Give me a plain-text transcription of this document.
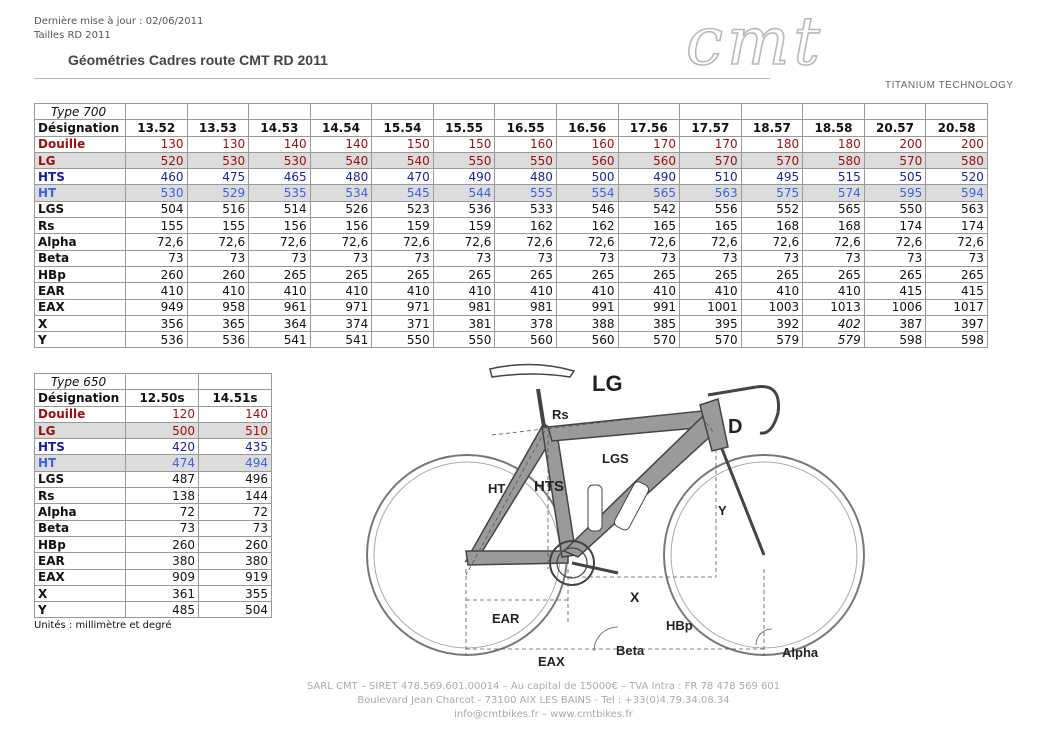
Dernière mise à jour : 02/06/2011
Tailles RD 2011
Géométries Cadres route CMT RD 2011	cmt
TITANIUM TECHNOLOGY
Type 700														
Désignation	13.52	13.53	14.53	14.54	15.54	15.55	16.55	16.56	17.56	17.57	18.57	18.58	20.57	20.58
Douille	130	130	140	140	150	150	160	160	170	170	180	180	200	200
LG	520	530	530	540	540	550	550	560	560	570	570	580	570	580
HTS	460	475	465	480	470	490	480	500	490	510	495	515	505	520
HT	530	529	535	534	545	544	555	554	565	563	575	574	595	594
LGS	504	516	514	526	523	536	533	546	542	556	552	565	550	563
Rs	155	155	156	156	159	159	162	162	165	165	168	168	174	174
Alpha	72,6	72,6	72,6	72,6	72,6	72,6	72,6	72,6	72,6	72,6	72,6	72,6	72,6	72,6
Beta	73	73	73	73	73	73	73	73	73	73	73	73	73	73
HBp	260	260	265	265	265	265	265	265	265	265	265	265	265	265
EAR	410	410	410	410	410	410	410	410	410	410	410	410	415	415
EAX	949	958	961	971	971	981	981	991	991	1001	1003	1013	1006	1017
X	356	365	364	374	371	381	378	388	385	395	392	402	387	397
Y	536	536	541	541	550	550	560	560	570	570	579	579	598	598
Type 650		
Désignation	12.50s	14.51s
Douille	120	140
LG	500	510
HTS	420	435
HT	474	494
LGS	487	496
Rs	138	144
Alpha	72	72
Beta	73	73
HBp	260	260
EAR	380	380
EAX	909	919
X	361	355
Y	485	504
Unités : millimètre et degré
LG
Rs
D
LGS
HT HTS
Y
X
EAR	HBp
Beta
EAX
Alpha
SARL CMT – SIRET 478.569.601.00014 – Au capital de 15000€ – TVA Intra : FR 78 478 569 601
Boulevard Jean Charcot - 73100 AIX LES BAINS - Tel : +33(0)4.79.34.08.34
info@cmtbikes.fr – www.cmtbikes.fr
